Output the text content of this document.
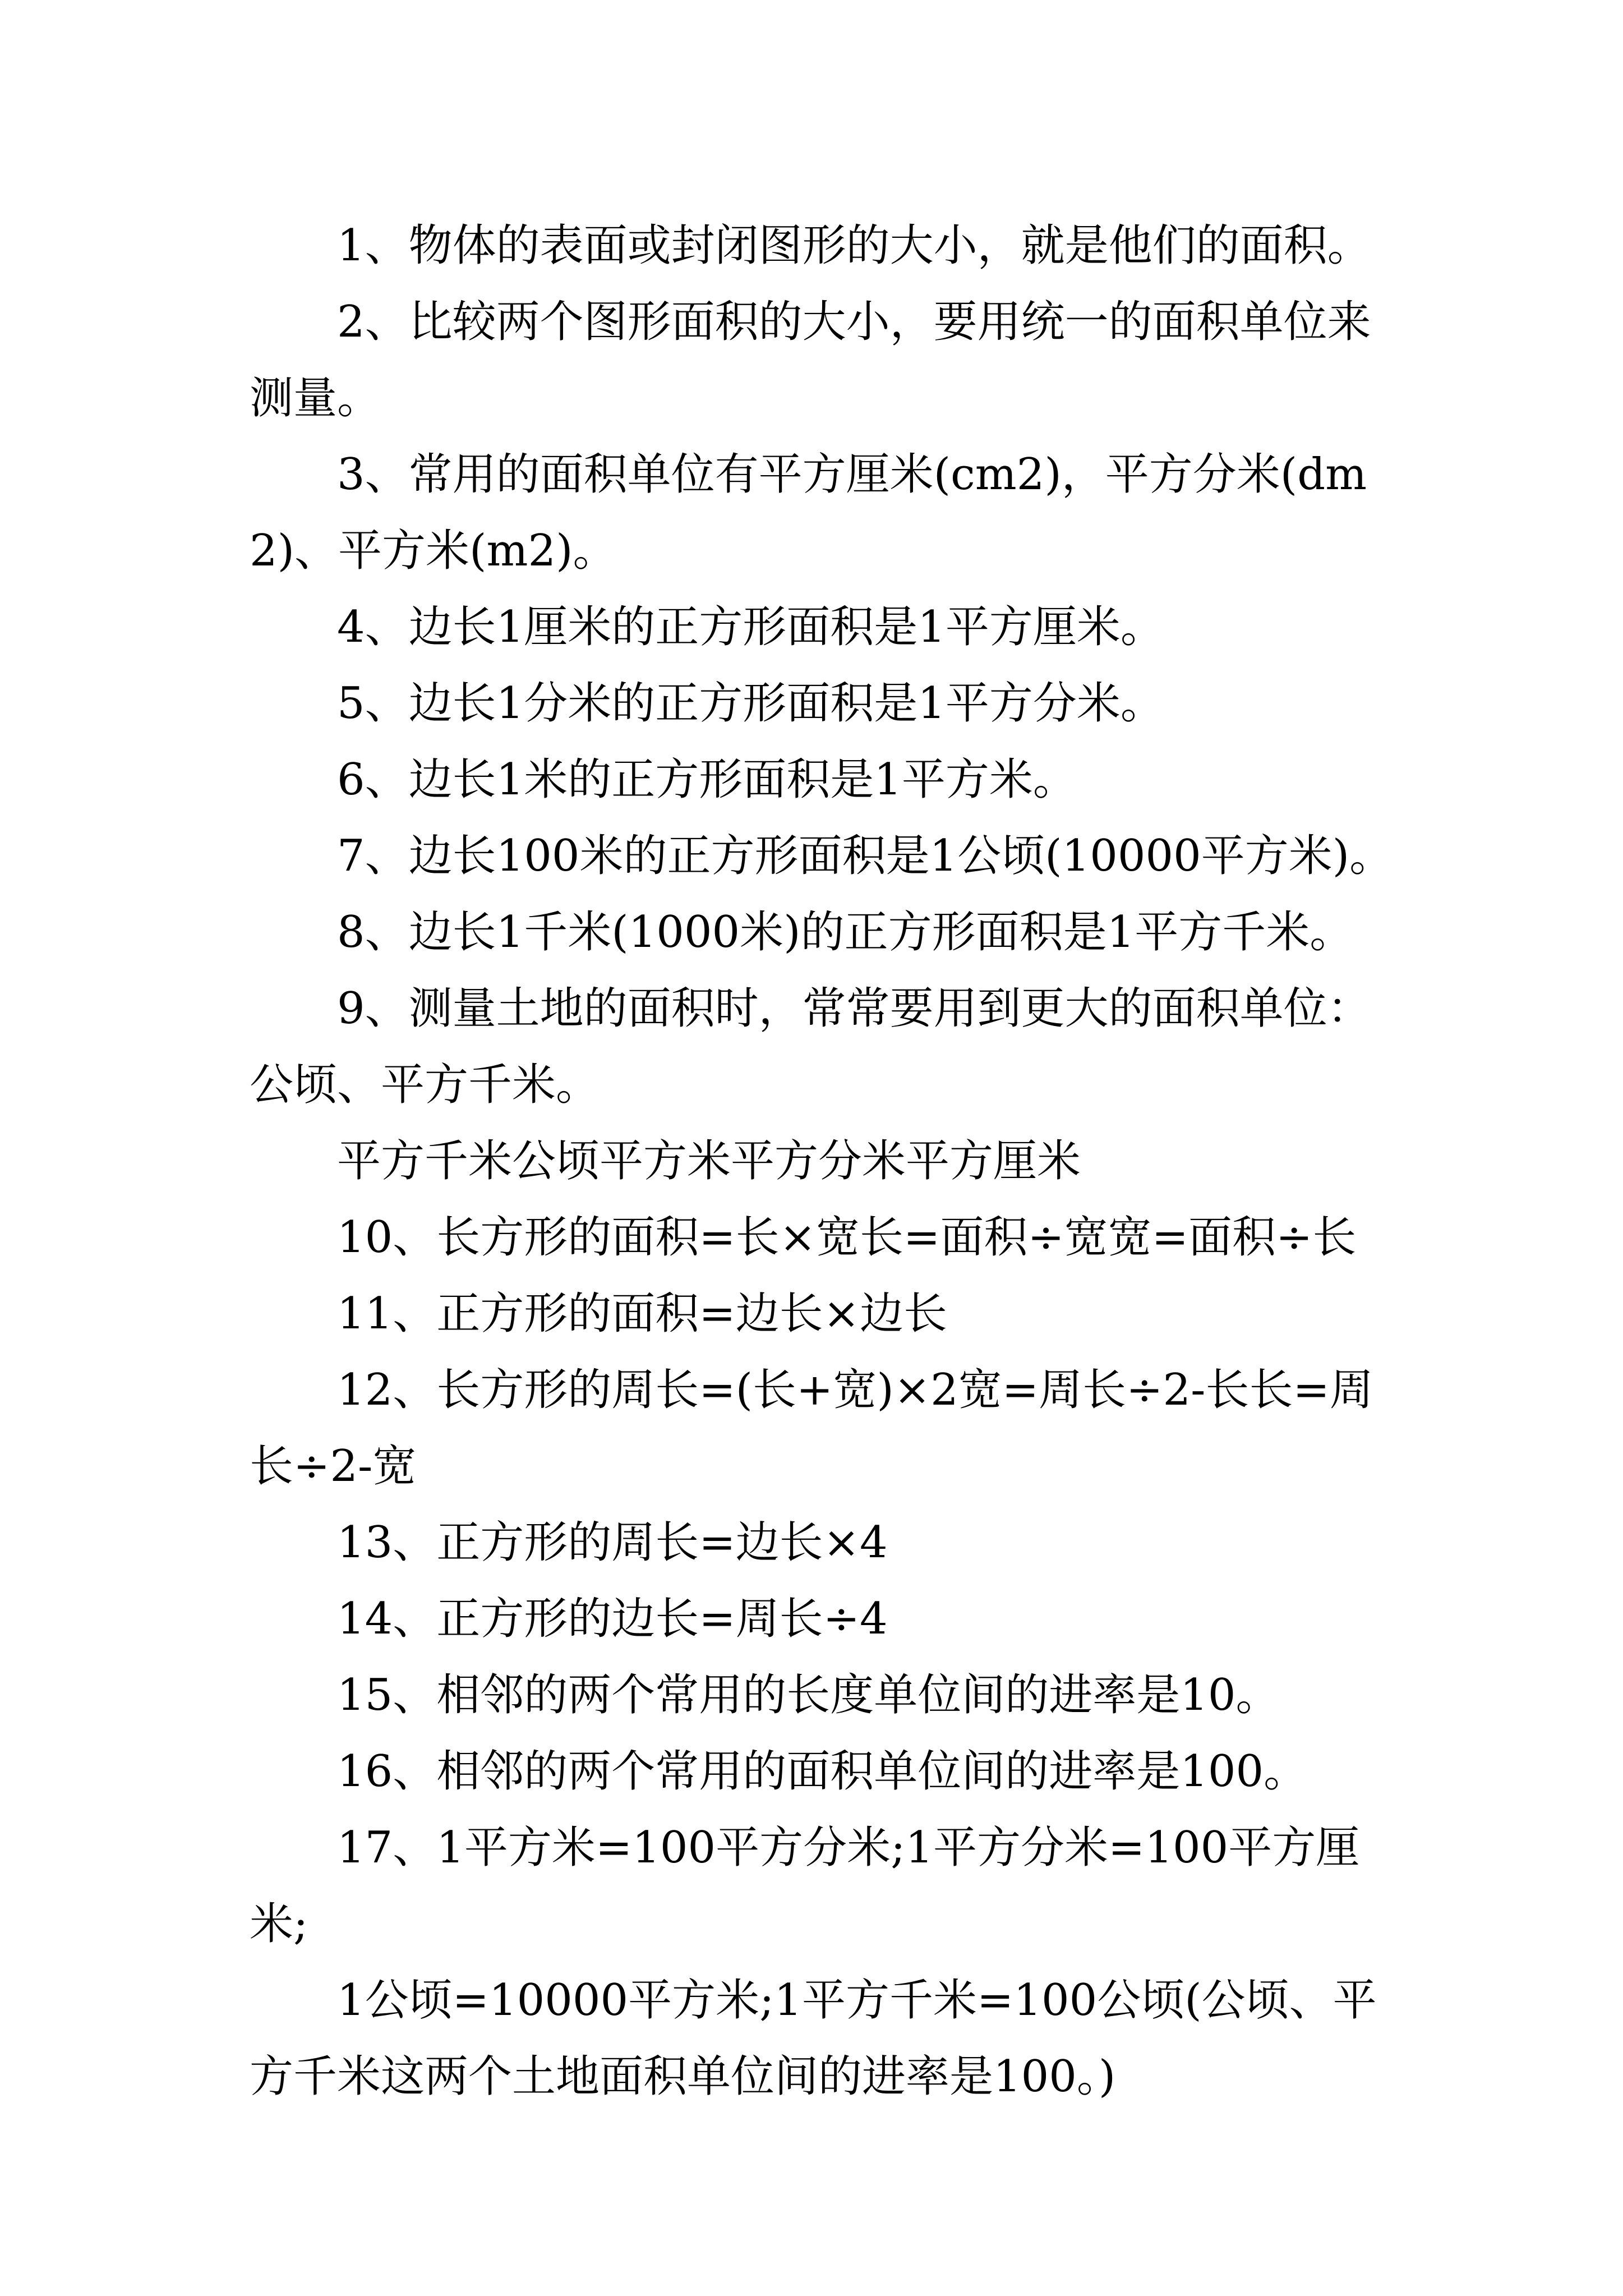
1、物体的表面或封闭图形的大小，就是他们的面积。

2、比较两个图形面积的大小，要用统一的面积单位来测量。

3、常用的面积单位有平方厘米(cm2)，平方分米(dm2)、平方米(m2)。

4、边长1厘米的正方形面积是1平方厘米。

5、边长1分米的正方形面积是1平方分米。

6、边长1米的正方形面积是1平方米。

7、边长100米的正方形面积是1公顷(10000平方米)。

8、边长1千米(1000米)的正方形面积是1平方千米。

9、测量土地的面积时，常常要用到更大的面积单位：公顷、平方千米。

平方千米公顷平方米平方分米平方厘米

10、长方形的面积=长×宽长=面积÷宽宽=面积÷长

11、正方形的面积=边长×边长

12、长方形的周长=(长+宽)×2宽=周长÷2-长长=周长÷2-宽

13、正方形的周长=边长×4

14、正方形的边长=周长÷4

15、相邻的两个常用的长度单位间的进率是10。

16、相邻的两个常用的面积单位间的进率是100。

17、1平方米=100平方分米;1平方分米=100平方厘米;

1公顷=10000平方米;1平方千米=100公顷(公顷、平方千米这两个土地面积单位间的进率是100。)
